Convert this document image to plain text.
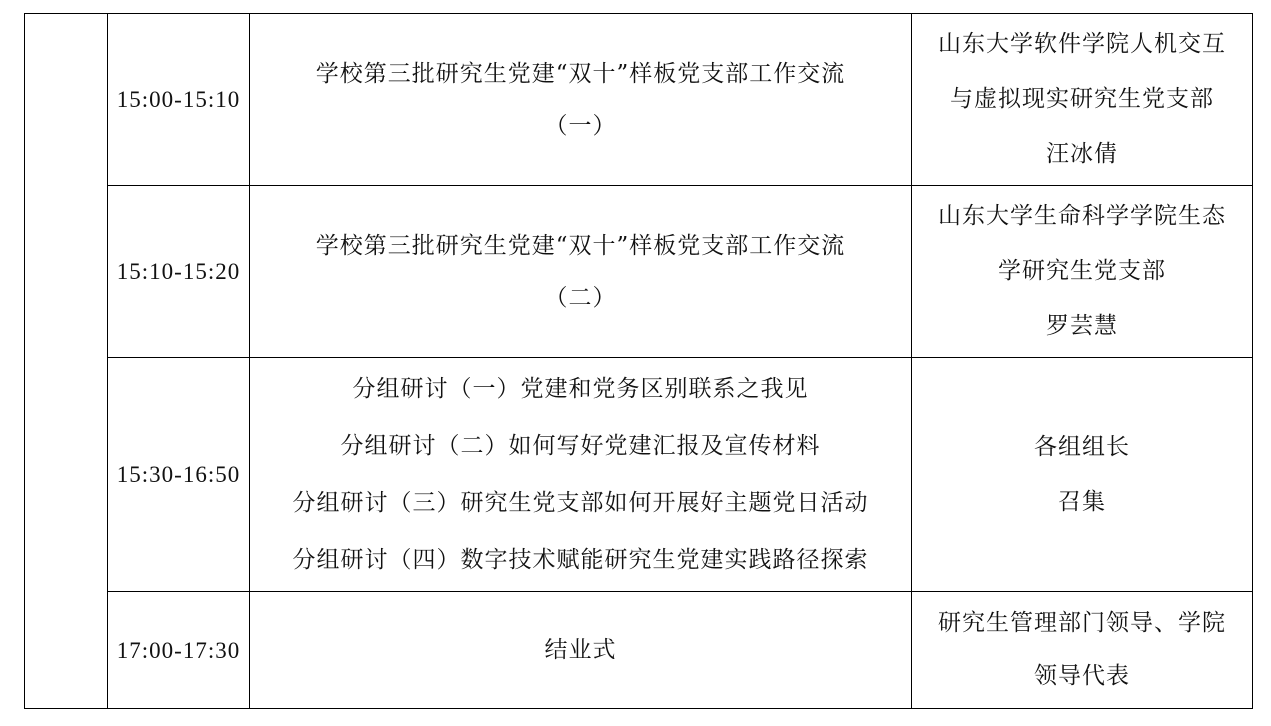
	15:00-15:10	学校第三批研究生党建“双十”样板党支部工作交流
（一）	山东大学软件学院人机交互
与虚拟现实研究生党支部
汪冰倩

	15:10-15:20	学校第三批研究生党建“双十”样板党支部工作交流
（二）	山东大学生命科学学院生态
学研究生党支部
罗芸慧

	15:30-16:50	分组研讨（一）党建和党务区别联系之我见
分组研讨（二）如何写好党建汇报及宣传材料
分组研讨（三）研究生党支部如何开展好主题党日活动
分组研讨（四）数字技术赋能研究生党建实践路径探索	各组组长
召集

	17:00-17:30	结业式	研究生管理部门领导、学院
领导代表
